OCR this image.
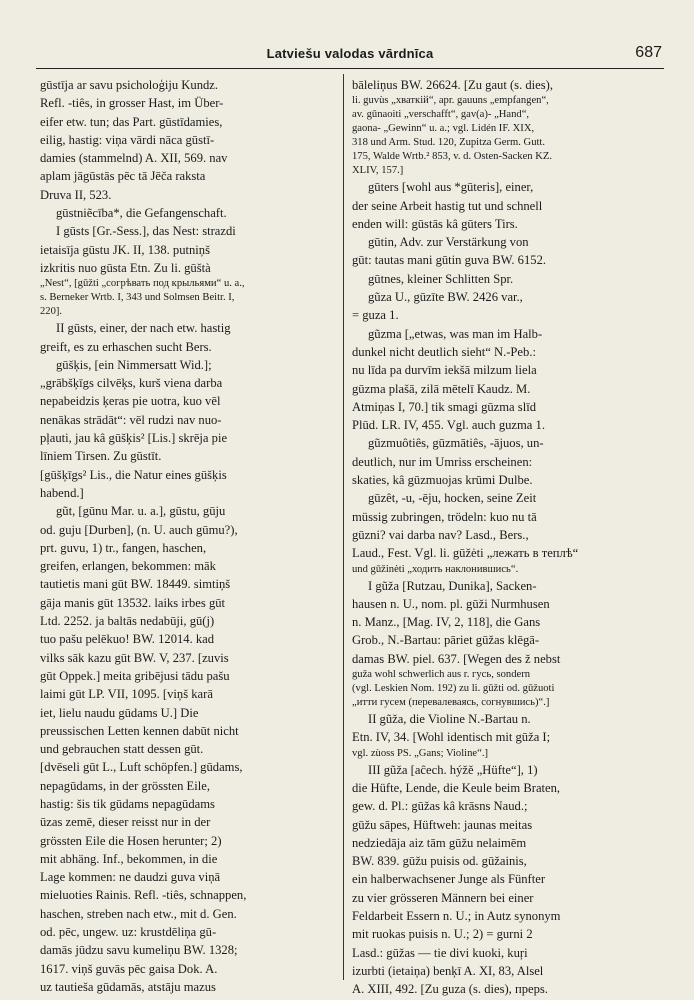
Latviešu valodas vārdnīca	687
gūstīja ar savu psicholoģiju Kundz.
Refl. -tiês, in grosser Hast, im Über-
eifer etw. tun; das Part. gūstīdamies,
eilig, hastig: viņa vārdi nāca gūstī-
damies (stammelnd) A. XII, 569. nav
aplam jāgūstās pēc tā Jēča raksta
Druva II, 523.
gūstniẽcība*, die Gefangenschaft.
I gūsts [Gr.-Sess.], das Nest: strazdi
ietaisīja gūstu JK. II, 138. putniņš
izkritis nuo gūsta Etn. Zu li. gūštà
„Nest“, [gūžti „согрѣвать под крыльями“ u. a.,
s. Berneker Wrtb. I, 343 und Solmsen Beitr. I,
220].
II gūsts, einer, der nach etw. hastig
greift, es zu erhaschen sucht Bers.
gūšķis, [ein Nimmersatt Wid.];
„grābšķīgs cilvēķs, kurš viena darba
nepabeidzis ķeras pie uotra, kuo vēl
nenākas strādāt“: vēl rudzi nav nuo-
pļauti, jau kâ gūšķis² [Lis.] skrēja pie
līniem Tirsen. Zu gūstīt.
[gūšķīgs² Lis., die Natur eines gūšķis
habend.]
gũt, [gūnu Mar. u. a.], gūstu, gūju
od. guju [Durben], (n. U. auch gūmu?),
prt. guvu, 1) tr., fangen, haschen,
greifen, erlangen, bekommen: māk
tautietis mani gūt BW. 18449. simtiņš
gāja manis gūt 13532. laiks irbes gūt
Ltd. 2252. ja baltās nedabūji, gū(j)
tuo pašu pelēkuo! BW. 12014. kad
vilks sāk kazu gūt BW. V, 237. [zuvis
gūt Oppek.] meita gribējusi tādu pašu
laimi gūt LP. VII, 1095. [viņš karā
iet, lielu naudu gūdams U.] Die
preussischen Letten kennen dabūt nicht
und gebrauchen statt dessen gūt.
[dvēseli gūt L., Luft schöpfen.] gūdams,
nepagūdams, in der grössten Eile,
hastig: šis tik gūdams nepagūdams
ūzas zemē, dieser reisst nur in der
grössten Eile die Hosen herunter; 2)
mit abhäng. Inf., bekommen, in die
Lage kommen: ne daudzi guva viņā
mieluoties Rainis. Refl. -tiês, schnappen,
haschen, streben nach etw., mit d. Gen.
od. pēc, ungew. uz: krustdēliņa gū-
damās jūdzu savu kumeliņu BW. 1328;
1617. viņš guvās pēc gaisa Dok. A.
uz tautiešа gūdamās, atstāju mazus
bāleliņus BW. 26624. [Zu gaut (s. dies),
li. guvùs „хваткій“, apr. gauuns „empfangen“,
av. gūnaoiti „verschafft“, gav(a)- „Hand“,
gaona- „Gewinn“ u. a.; vgl. Lidén IF. XIX,
318 und Arm. Stud. 120, Zupitza Germ. Gutt.
175, Walde Wrtb.² 853, v. d. Osten-Sacken KZ.
XLIV, 157.]
gūters [wohl aus *gūteris], einer,
der seine Arbeit hastig tut und schnell
enden will: gūstās kâ gūters Tirs.
gūtin, Adv. zur Verstärkung von
gūt: tautas mani gūtin guva BW. 6152.
gūtnes, kleiner Schlitten Spr.
gũza U., gūzīte BW. 2426 var.,
= guza 1.
gũzma [„etwas, was man im Halb-
dunkel nicht deutlich sieht“ N.-Peb.:
nu līda pa durvīm iekšā milzum liela
gūzma plašā, zilā mētelī Kaudz. M.
Atmiņas I, 70.] tik smagi gūzma slīd
Plūd. LR. IV, 455. Vgl. auch guzma 1.
gũzmuôtiês, gūzmātiês, -ājuos, un-
deutlich, nur im Umriss erscheinen:
skaties, kâ gūzmuojas krūmi Dulbe.
gūzêt, -u, -ēju, hocken, seine Zeit
müssig zubringen, trödeln: kuo nu tā
gūzni? vai darba nav? Lasd., Bers.,
Laud., Fest. Vgl. li. gūžėti „лежать в теплѣ“
und gūžinėti „ходить наклонившись“.
I gũža [Rutzau, Dunika], Sacken-
hausen n. U., nom. pl. gūži Nurmhusen
n. Manz., [Mag. IV, 2, 118], die Gans
Grob., N.-Bartau: pāriet gūžas klēgā-
damas BW. piel. 637. [Wegen des ž nebst
guža wohl schwerlich aus r. гусь, sondern
(vgl. Leskien Nom. 192) zu li. gūžti od. gūžuoti
„итти гусем (перевалеваясь, согнувшись)“.]
II gũža, die Violine N.-Bartau n.
Etn. IV, 34. [Wohl identisch mit gūža I;
vgl. zùoss PS. „Gans; Violine“.]
III gũža [aĉech. hýžě „Hüfte“], 1)
die Hüfte, Lende, die Keule beim Braten,
gew. d. Pl.: gūžas kâ krāsns Naud.;
gūžu sāpes, Hüftweh: jaunas meitas
nedziedāja aiz tām gūžu nelaimēm
BW. 839. gūžu puisis od. gūžainis,
ein halberwachsener Junge als Fünfter
zu vier grösseren Männern bei einer
Feldarbeit Essern n. U.; in Autz synonym
mit ruokas puisis n. U.; 2) = gurni 2
Lasd.: gūžas — tie divi kuoki, kuŗi
izurbti (ietaiņa) benķī A. XI, 83, Alsel
A. XIII, 492. [Zu guza (s. dies), прерs.
